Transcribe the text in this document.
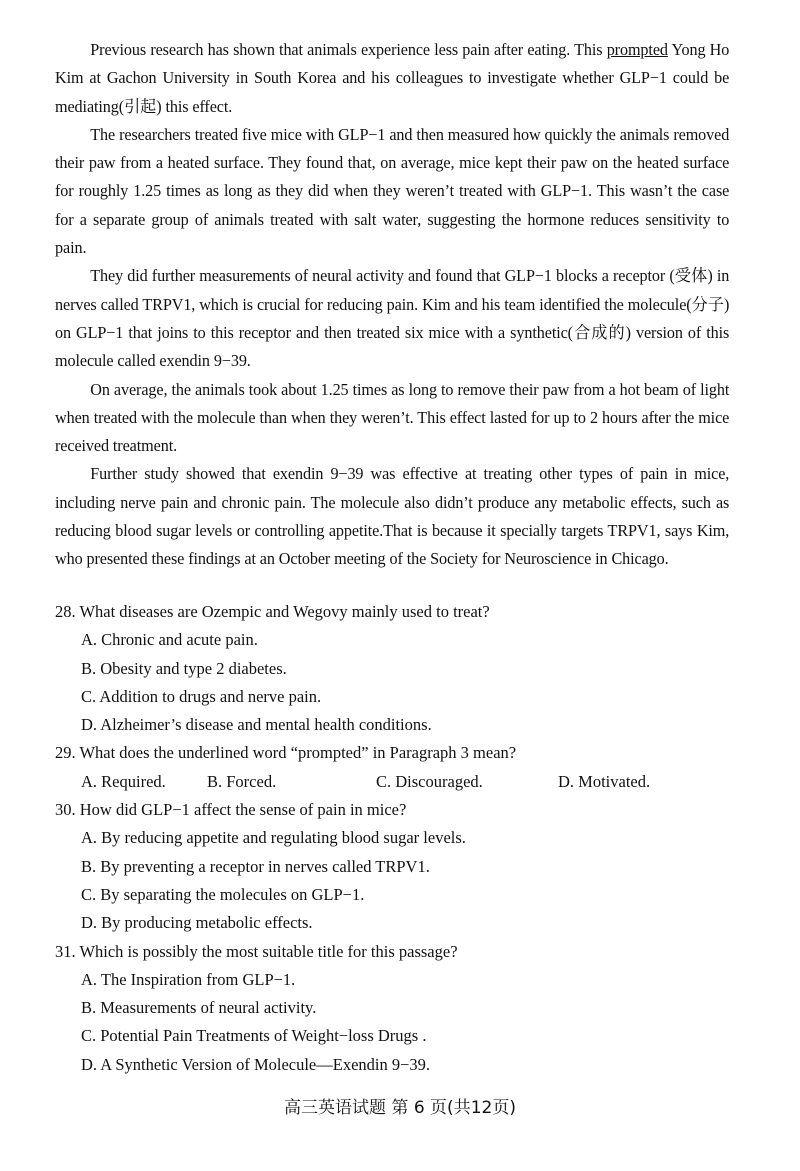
Previous research has shown that animals experience less pain after eating. This prompted Yong Ho Kim at Gachon University in South Korea and his colleagues to investigate whether GLP−1 could be mediating(引起) this effect.

The researchers treated five mice with GLP−1 and then measured how quickly the animals removed their paw from a heated surface. They found that, on average, mice kept their paw on the heated surface for roughly 1.25 times as long as they did when they weren’t treated with GLP−1. This wasn’t the case for a separate group of animals treated with salt water, suggesting the hormone reduces sensitivity to pain.

They did further measurements of neural activity and found that GLP−1 blocks a receptor (受体) in nerves called TRPV1, which is crucial for reducing pain. Kim and his team identified the molecule(分子) on GLP−1 that joins to this receptor and then treated six mice with a synthetic(合成的) version of this molecule called exendin 9−39.

On average, the animals took about 1.25 times as long to remove their paw from a hot beam of light when treated with the molecule than when they weren’t. This effect lasted for up to 2 hours after the mice received treatment.

Further study showed that exendin 9−39 was effective at treating other types of pain in mice, including nerve pain and chronic pain. The molecule also didn’t produce any metabolic effects, such as reducing blood sugar levels or controlling appetite.That is because it specially targets TRPV1, says Kim, who presented these findings at an October meeting of the Society for Neuroscience in Chicago.

28. What diseases are Ozempic and Wegovy mainly used to treat?

A. Chronic and acute pain.

B. Obesity and type 2 diabetes.

C. Addition to drugs and nerve pain.

D. Alzheimer’s disease and mental health conditions.

29. What does the underlined word “prompted” in Paragraph 3 mean?

A. Required. B. Forced.	C. Discouraged.	D. Motivated.

30. How did GLP−1 affect the sense of pain in mice?

A. By reducing appetite and regulating blood sugar levels.

B. By preventing a receptor in nerves called TRPV1.

C. By separating the molecules on GLP−1.

D. By producing metabolic effects.

31. Which is possibly the most suitable title for this passage?

A. The Inspiration from GLP−1.

B. Measurements of neural activity.

C. Potential Pain Treatments of Weight−loss Drugs .

D. A Synthetic Version of Molecule—Exendin 9−39.

高三英语试题 第 6 页(共12页)
